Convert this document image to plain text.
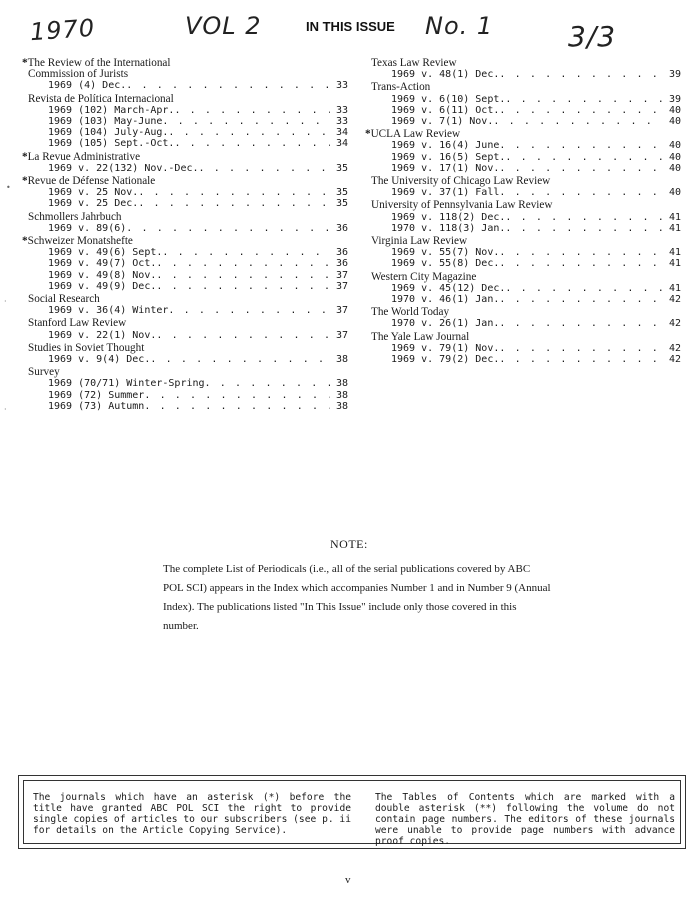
1970	VOL 2	No. 1	3/3
IN THIS ISSUE
•
·
·
*The Review of the International
Commission of Jurists
1969 (4) Dec. . . .	33
Revista de Política Internacional
1969 (102) March-Apr. . . .	33
1969 (103) May-June . . .	33
1969 (104) July-Aug. . . .	34
1969 (105) Sept.-Oct. . . .	34
*La Revue Administrative
1969 v. 22(132) Nov.-Dec. . . .	35
*Revue de Défense Nationale
1969 v. 25 Nov. . . .	35
1969 v. 25 Dec. . . .	35
Schmollers Jahrbuch
1969 v. 89(6) . . .	36
*Schweizer Monatshefte
1969 v. 49(6) Sept. . . .	36
1969 v. 49(7) Oct. . . .	36
1969 v. 49(8) Nov. . . .	37
1969 v. 49(9) Dec. . . .	37
Social Research
1969 v. 36(4) Winter . . .	37
Stanford Law Review
1969 v. 22(1) Nov. . . .	37
Studies in Soviet Thought
1969 v. 9(4) Dec. . . .	38
Survey
1969 (70/71) Winter-Spring . . .	38
1969 (72) Summer . . .	38
1969 (73) Autumn . . .	38
Texas Law Review
1969 v. 48(1) Dec. . . .	39
Trans-Action
1969 v. 6(10) Sept. . . .	39
1969 v. 6(11) Oct. . . .	40
1969 v. 7(1) Nov. . . .	40
*UCLA Law Review
1969 v. 16(4) June . . .	40
1969 v. 16(5) Sept. . . .	40
1969 v. 17(1) Nov. . . .	40
The University of Chicago Law Review
1969 v. 37(1) Fall . . .	40
University of Pennsylvania Law Review
1969 v. 118(2) Dec. . . .	41
1970 v. 118(3) Jan. . . .	41
Virginia Law Review
1969 v. 55(7) Nov. . . .	41
1969 v. 55(8) Dec. . . .	41
Western City Magazine
1969 v. 45(12) Dec. . . .	41
1970 v. 46(1) Jan. . . .	42
The World Today
1970 v. 26(1) Jan. . . .	42
The Yale Law Journal
1969 v. 79(1) Nov. . . .	42
1969 v. 79(2) Dec. . . .	42
NOTE:
The complete List of Periodicals (i.e., all of the serial publications covered by ABC POL SCI) appears in the Index which accompanies Number 1 and in Number 9 (Annual Index). The publications listed "In This Issue" include only those covered in this number.
The journals which have an asterisk (*) before the title have granted ABC POL SCI the right to provide single copies of articles to our subscribers (see p. ii for details on the Article Copying Service).
The Tables of Contents which are marked with a double asterisk (**) following the volume do not contain page numbers. The editors of these journals were unable to provide page numbers with advance proof copies.
v
